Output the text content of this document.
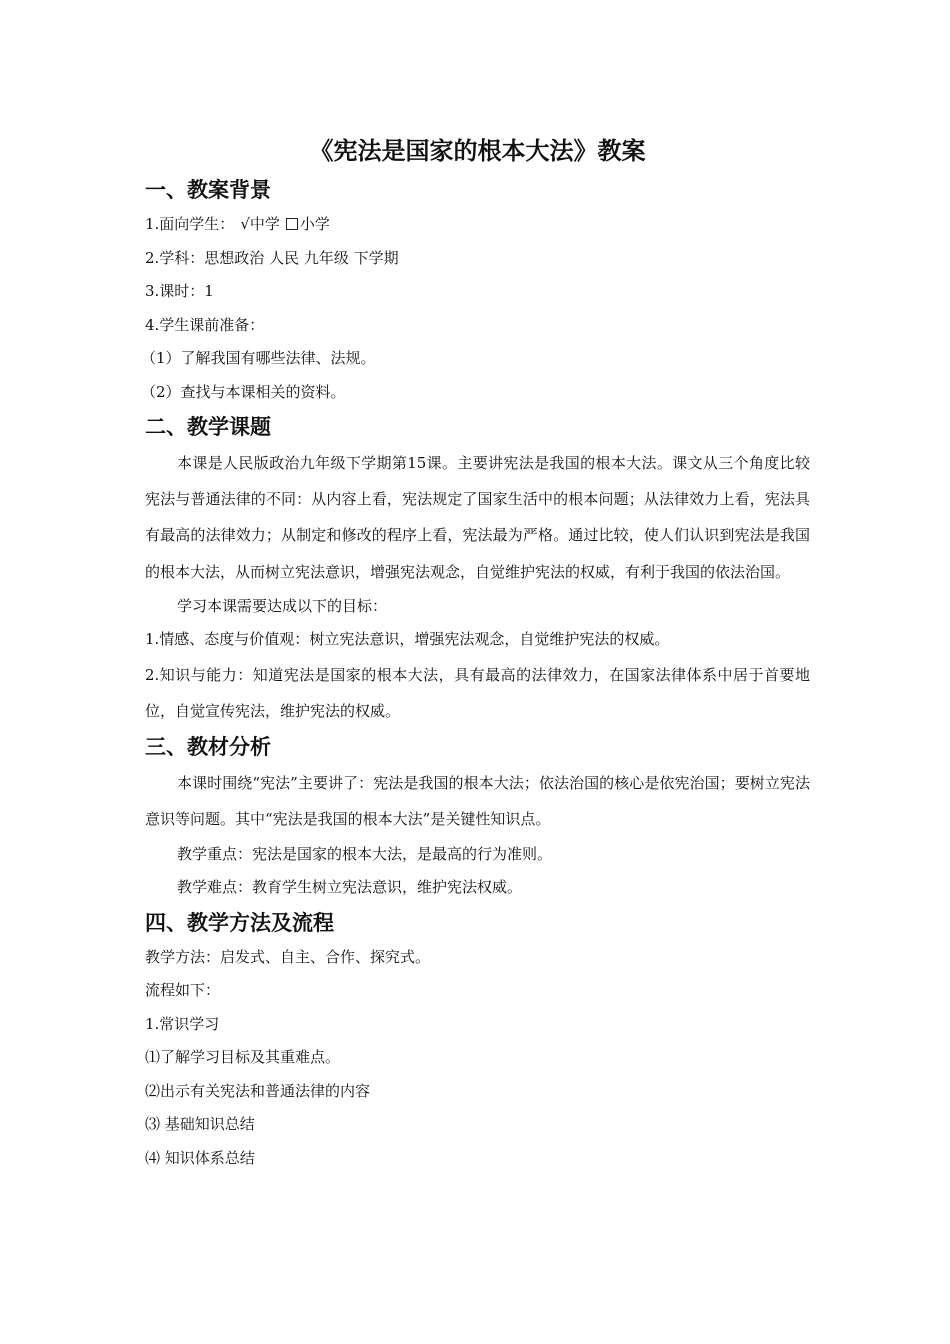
《宪法是国家的根本大法》教案
一、教案背景

1.面向学生： √中学 小学

2.学科：思想政治 人民 九年级 下学期

3.课时：1

4.学生课前准备：

（1）了解我国有哪些法律、法规。

（2）查找与本课相关的资料。

二、教学课题

本课是人民版政治九年级下学期第15课。主要讲宪法是我国的根本大法。课文从三个角度比较宪法与普通法律的不同：从内容上看，宪法规定了国家生活中的根本问题；从法律效力上看，宪法具有最高的法律效力；从制定和修改的程序上看，宪法最为严格。通过比较，使人们认识到宪法是我国的根本大法，从而树立宪法意识，增强宪法观念，自觉维护宪法的权威，有利于我国的依法治国。

学习本课需要达成以下的目标：

1.情感、态度与价值观：树立宪法意识，增强宪法观念，自觉维护宪法的权威。

2.知识与能力：知道宪法是国家的根本大法，具有最高的法律效力，在国家法律体系中居于首要地位，自觉宣传宪法，维护宪法的权威。

三、教材分析

本课时围绕“宪法”主要讲了：宪法是我国的根本大法；依法治国的核心是依宪治国；要树立宪法意识等问题。其中“宪法是我国的根本大法”是关键性知识点。

教学重点：宪法是国家的根本大法，是最高的行为准则。

教学难点：教育学生树立宪法意识，维护宪法权威。

四、教学方法及流程

教学方法：启发式、自主、合作、探究式。

流程如下：

1.常识学习

⑴了解学习目标及其重难点。

⑵出示有关宪法和普通法律的内容

⑶ 基础知识总结

⑷ 知识体系总结
